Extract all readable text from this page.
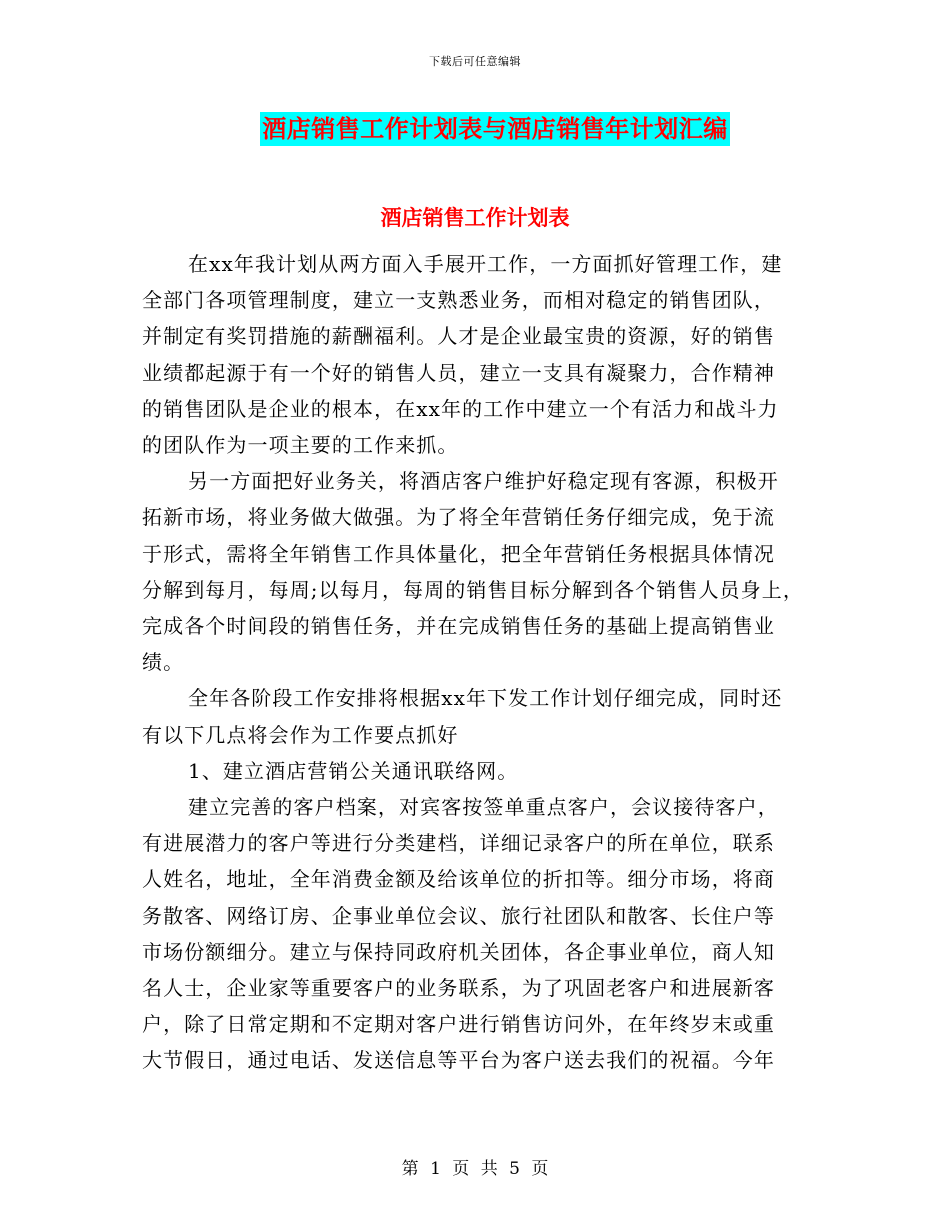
下载后可任意编辑
酒店销售工作计划表与酒店销售年计划汇编
酒店销售工作计划表
在xx年我计划从两方面入手展开工作，一方面抓好管理工作，建
全部门各项管理制度，建立一支熟悉业务，而相对稳定的销售团队，
并制定有奖罚措施的薪酬福利。人才是企业最宝贵的资源，好的销售
业绩都起源于有一个好的销售人员，建立一支具有凝聚力，合作精神
的销售团队是企业的根本，在xx年的工作中建立一个有活力和战斗力
的团队作为一项主要的工作来抓。
另一方面把好业务关，将酒店客户维护好稳定现有客源，积极开
拓新市场，将业务做大做强。为了将全年营销任务仔细完成，免于流
于形式，需将全年销售工作具体量化，把全年营销任务根据具体情况
分解到每月，每周;以每月，每周的销售目标分解到各个销售人员身上，
完成各个时间段的销售任务，并在完成销售任务的基础上提高销售业
绩。
全年各阶段工作安排将根据xx年下发工作计划仔细完成，同时还
有以下几点将会作为工作要点抓好
1、建立酒店营销公关通讯联络网。
建立完善的客户档案，对宾客按签单重点客户，会议接待客户，
有进展潜力的客户等进行分类建档，详细记录客户的所在单位，联系
人姓名，地址，全年消费金额及给该单位的折扣等。细分市场，将商
务散客、网络订房、企事业单位会议、旅行社团队和散客、长住户等
市场份额细分。建立与保持同政府机关团体，各企事业单位，商人知
名人士，企业家等重要客户的业务联系，为了巩固老客户和进展新客
户，除了日常定期和不定期对客户进行销售访问外，在年终岁末或重
大节假日，通过电话、发送信息等平台为客户送去我们的祝福。今年
第 1 页 共 5 页
